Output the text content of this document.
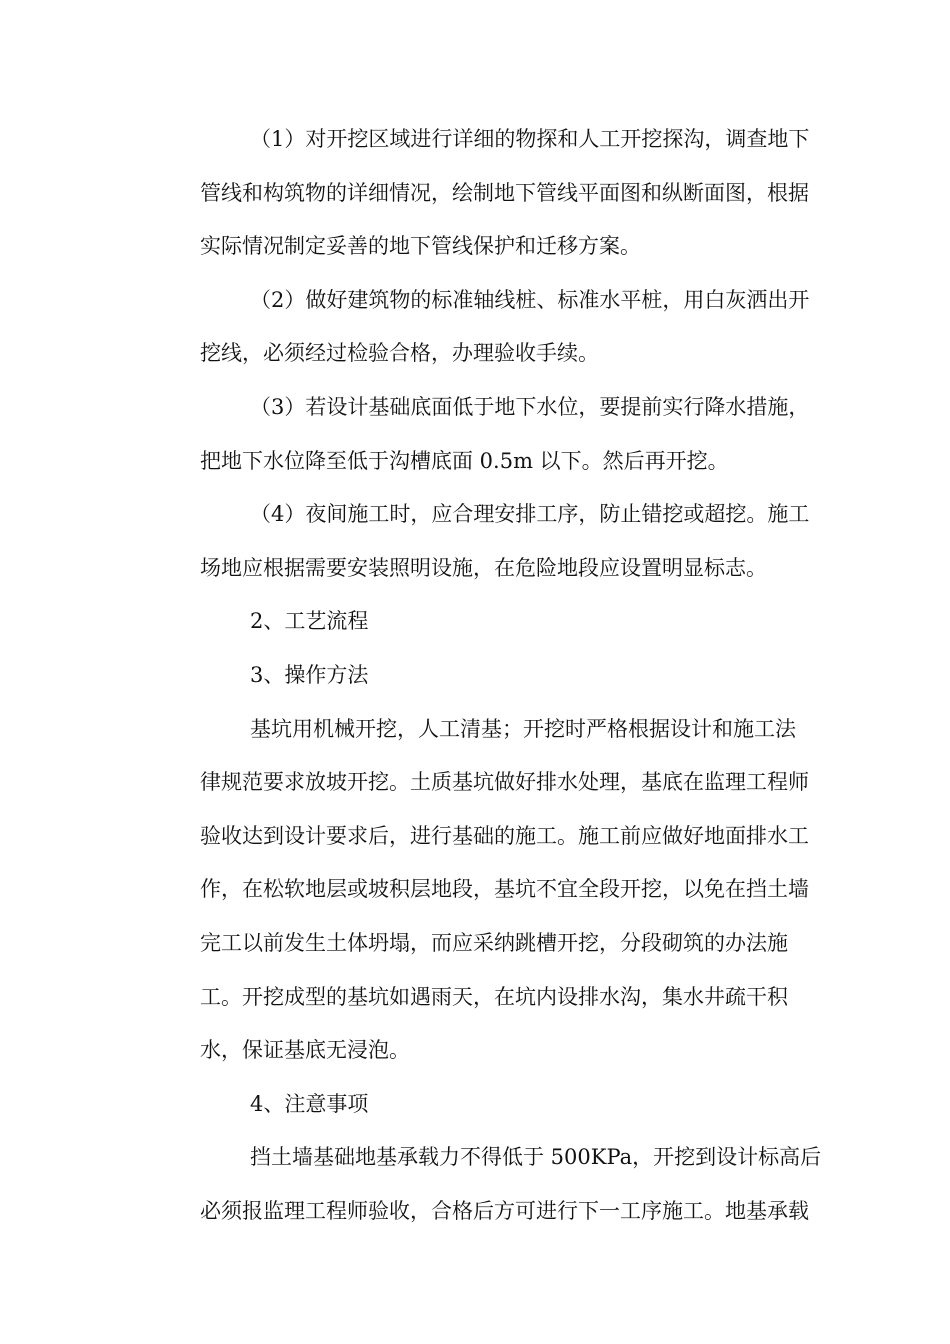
（1）对开挖区域进行详细的物探和人工开挖探沟，调查地下
管线和构筑物的详细情况，绘制地下管线平面图和纵断面图，根据
实际情况制定妥善的地下管线保护和迁移方案。

（2）做好建筑物的标准轴线桩、标准水平桩，用白灰洒出开
挖线，必须经过检验合格，办理验收手续。

（3）若设计基础底面低于地下水位，要提前实行降水措施，
把地下水位降至低于沟槽底面 0.5m 以下。然后再开挖。

（4）夜间施工时，应合理安排工序，防止错挖或超挖。施工
场地应根据需要安装照明设施，在危险地段应设置明显标志。

2、工艺流程

3、操作方法

基坑用机械开挖，人工清基；开挖时严格根据设计和施工法
律规范要求放坡开挖。土质基坑做好排水处理，基底在监理工程师
验收达到设计要求后，进行基础的施工。施工前应做好地面排水工
作，在松软地层或坡积层地段，基坑不宜全段开挖，以免在挡土墙
完工以前发生土体坍塌，而应采纳跳槽开挖，分段砌筑的办法施
工。开挖成型的基坑如遇雨天，在坑内设排水沟，集水井疏干积
水，保证基底无浸泡。

4、注意事项

挡土墙基础地基承载力不得低于 500KPa，开挖到设计标高后
必须报监理工程师验收，合格后方可进行下一工序施工。地基承载
